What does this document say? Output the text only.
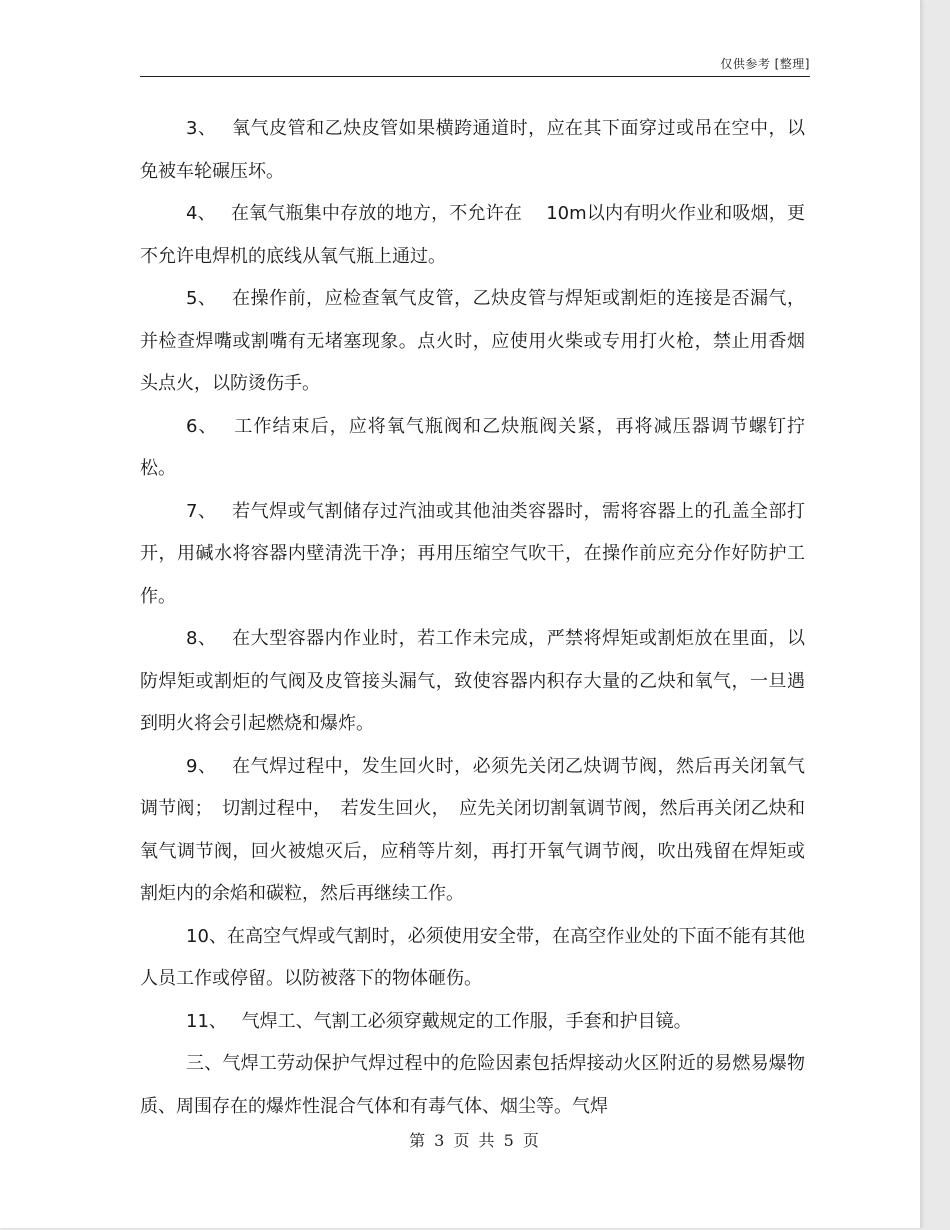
仅供参考 [整理]

3、　 氧气皮管和乙炔皮管如果横跨通道时，应在其下面穿过或吊在空中，以免被车轮碾压坏。

4、　 在氧气瓶集中存放的地方，不允许在　 10m以内有明火作业和吸烟，更不允许电焊机的底线从氧气瓶上通过。

5、　 在操作前，应检查氧气皮管，乙炔皮管与焊矩或割炬的连接是否漏气，并检查焊嘴或割嘴有无堵塞现象。点火时，应使用火柴或专用打火枪，禁止用香烟头点火，以防烫伤手。

6、　 工作结束后，应将氧气瓶阀和乙炔瓶阀关紧，再将减压器调节螺钉拧松。

7、　 若气焊或气割储存过汽油或其他油类容器时，需将容器上的孔盖全部打开，用碱水将容器内壁清洗干净；再用压缩空气吹干，在操作前应充分作好防护工作。

8、　 在大型容器内作业时，若工作未完成，严禁将焊矩或割炬放在里面，以防焊矩或割炬的气阀及皮管接头漏气，致使容器内积存大量的乙炔和氧气，一旦遇到明火将会引起燃烧和爆炸。

9、　 在气焊过程中，发生回火时，必须先关闭乙炔调节阀，然后再关闭氧气调节阀；　切割过程中，　若发生回火，　应先关闭切割氧调节阀，然后再关闭乙炔和氧气调节阀，回火被熄灭后，应稍等片刻，再打开氧气调节阀，吹出残留在焊矩或割炬内的余焰和碳粒，然后再继续工作。

10、在高空气焊或气割时，必须使用安全带，在高空作业处的下面不能有其他人员工作或停留。以防被落下的物体砸伤。

11、　 气焊工、气割工必须穿戴规定的工作服，手套和护目镜。

三、气焊工劳动保护气焊过程中的危险因素包括焊接动火区附近的易燃易爆物质、周围存在的爆炸性混合气体和有毒气体、烟尘等。气焊

第 3 页 共 5 页
